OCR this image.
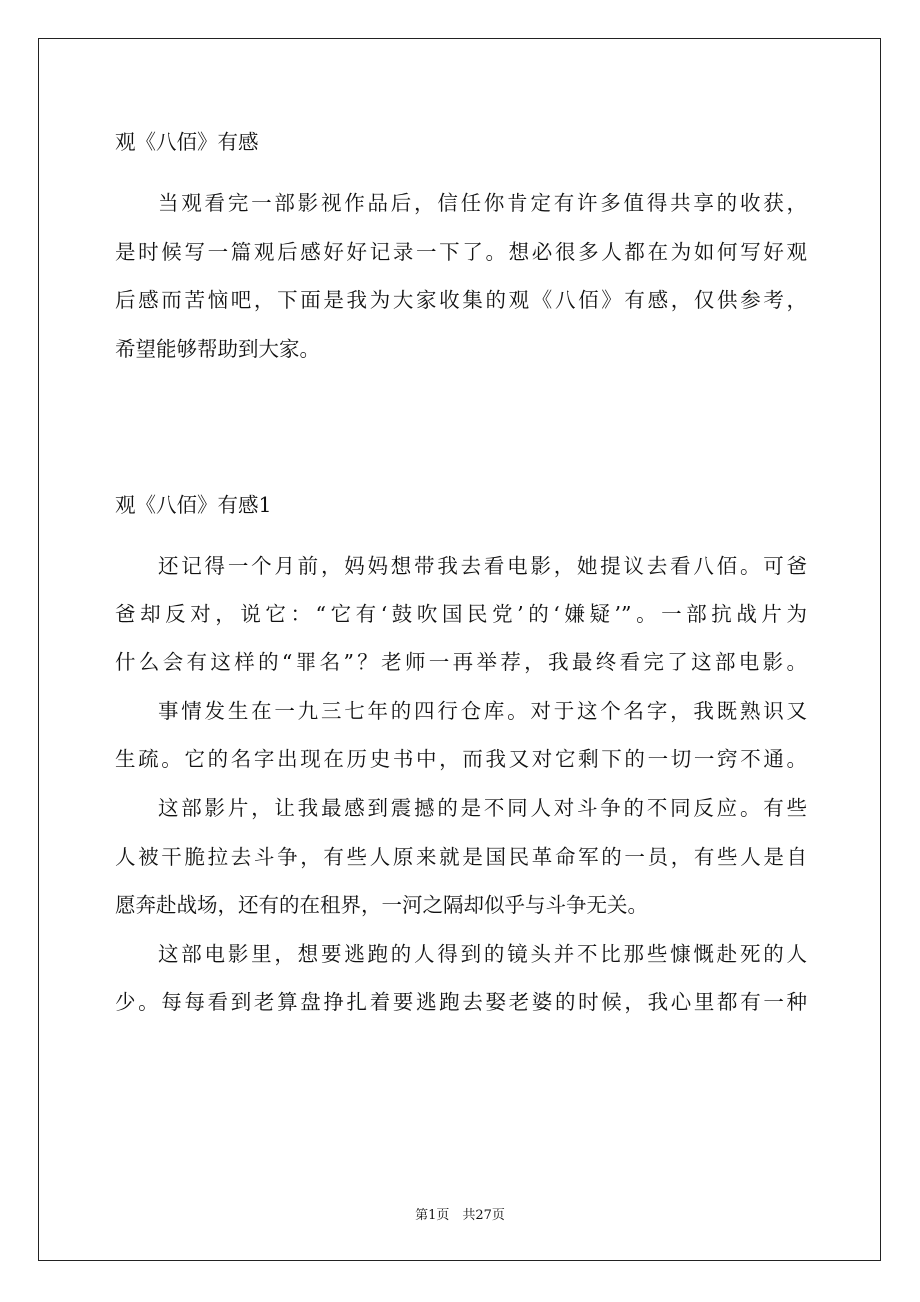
观《八佰》有感
当观看完一部影视作品后，信任你肯定有许多值得共享的收获，
是时候写一篇观后感好好记录一下了。想必很多人都在为如何写好观
后感而苦恼吧，下面是我为大家收集的观《八佰》有感，仅供参考，
希望能够帮助到大家。
观《八佰》有感1
还记得一个月前，妈妈想带我去看电影，她提议去看八佰。可爸
爸却反对，说它：“它有‘鼓吹国民党’的‘嫌疑’”。一部抗战片为
什么会有这样的“罪名”？老师一再举荐，我最终看完了这部电影。
事情发生在一九三七年的四行仓库。对于这个名字，我既熟识又
生疏。它的名字出现在历史书中，而我又对它剩下的一切一窍不通。
这部影片，让我最感到震撼的是不同人对斗争的不同反应。有些
人被干脆拉去斗争，有些人原来就是国民革命军的一员，有些人是自
愿奔赴战场，还有的在租界，一河之隔却似乎与斗争无关。
这部电影里，想要逃跑的人得到的镜头并不比那些慷慨赴死的人
少。每每看到老算盘挣扎着要逃跑去娶老婆的时候，我心里都有一种
第1页　共27页
